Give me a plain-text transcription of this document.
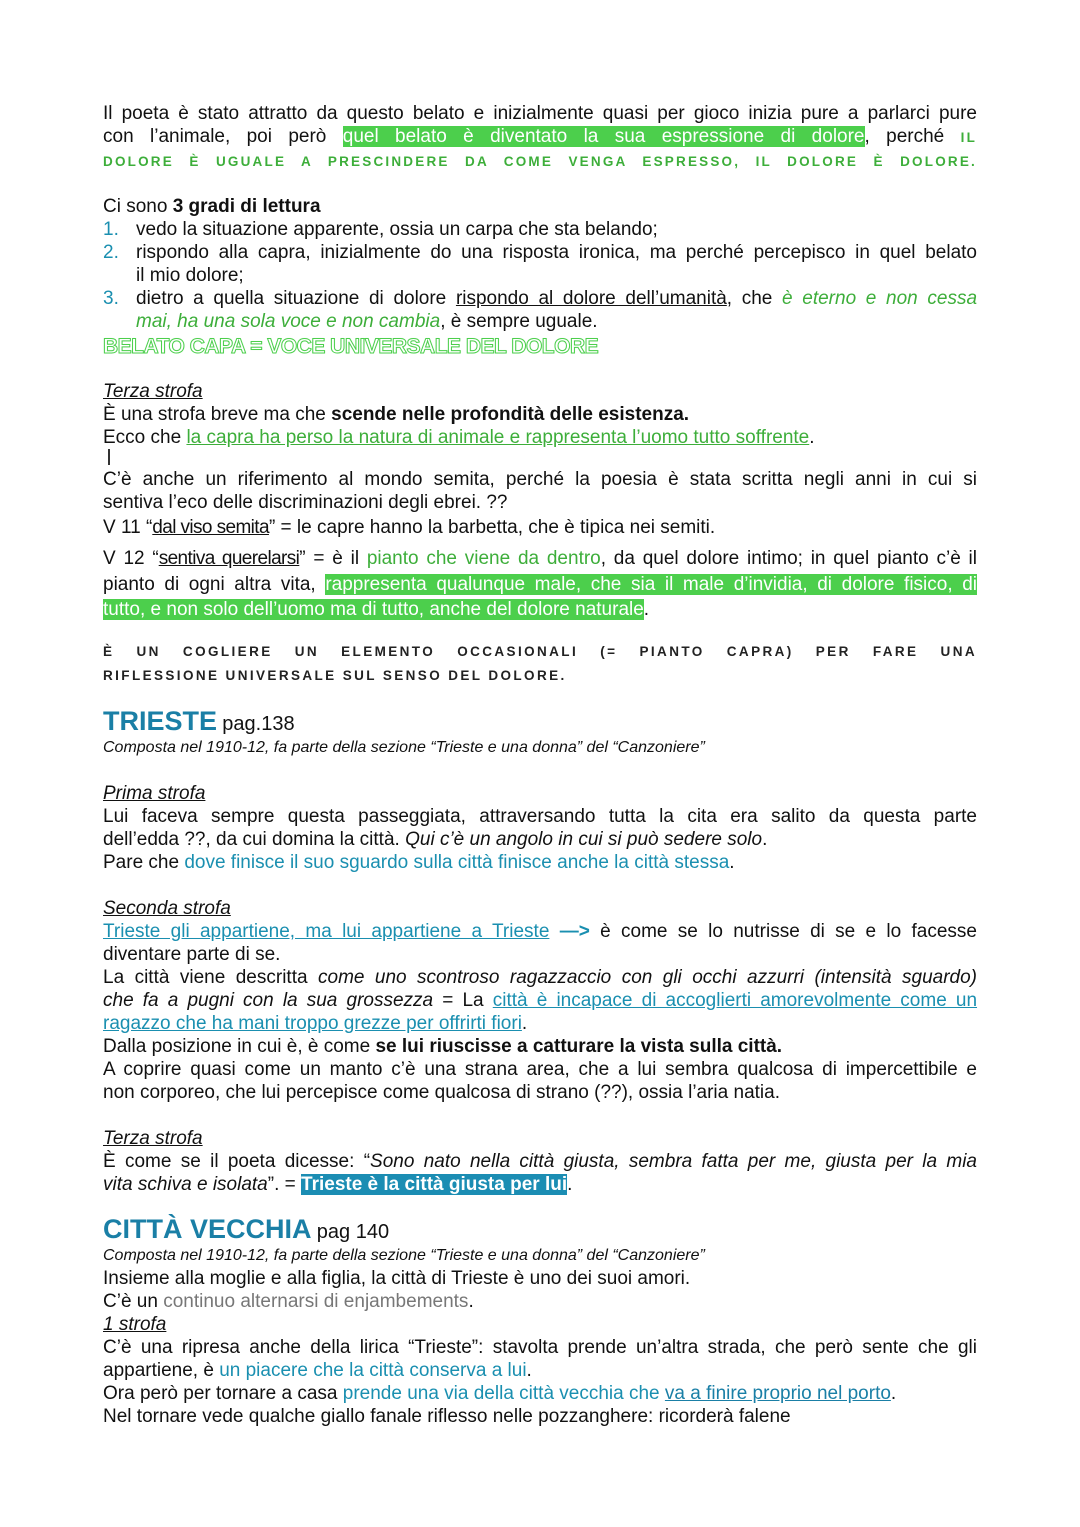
Il poeta è stato attratto da questo belato e inizialmente quasi per gioco inizia pure a parlarci pure

con l’animale, poi però quel belato è diventato la sua espressione di dolore, perché IL

DOLORE È UGUALE A PRESCINDERE DA COME VENGA ESPRESSO, IL DOLORE È DOLORE.

Ci sono 3 gradi di lettura

1. vedo la situazione apparente, ossia un carpa che sta belando;
2. rispondo alla capra, inizialmente do una risposta ironica, ma perché percepisco in quel belato

il mio dolore;

3. dietro a quella situazione di dolore rispondo al dolore dell’umanità, che è eterno e non cessa

mai, ha una sola voce e non cambia, è sempre uguale.

BELATO CAPA = VOCE UNIVERSALE DEL DOLORE

Terza strofa

È una strofa breve ma che scende nelle profondità delle esistenza.

Ecco che la capra ha perso la natura di animale e rappresenta l’uomo tutto soffrente.

C’è anche un riferimento al mondo semita, perché la poesia è stata scritta negli anni in cui si

sentiva l’eco delle discriminazioni degli ebrei. ??

V 11 “dal viso semita” = le capre hanno la barbetta, che è tipica nei semiti.

V 12 “sentiva querelarsi” = è il pianto che viene da dentro, da quel dolore intimo; in quel pianto c’è il

pianto di ogni altra vita, rappresenta qualunque male, che sia il male d’invidia, di dolore fisico, di

tutto, e non solo dell’uomo ma di tutto, anche del dolore naturale.

È UN COGLIERE UN ELEMENTO OCCASIONALI (= PIANTO CAPRA) PER FARE UNA

RIFLESSIONE UNIVERSALE SUL SENSO DEL DOLORE.

TRIESTE pag.138

Composta nel 1910-12, fa parte della sezione “Trieste e una donna” del “Canzoniere”

Prima strofa

Lui faceva sempre questa passeggiata, attraversando tutta la cita era salito da questa parte

dell’edda ??, da cui domina la città. Qui c’è un angolo in cui si può sedere solo.

Pare che dove finisce il suo sguardo sulla città finisce anche la città stessa.

Seconda strofa

Trieste gli appartiene, ma lui appartiene a Trieste —> è come se lo nutrisse di se e lo facesse

diventare parte di se.

La città viene descritta come uno scontroso ragazzaccio con gli occhi azzurri (intensità sguardo)

che fa a pugni con la sua grossezza = La città è incapace di accoglierti amorevolmente come un

ragazzo che ha mani troppo grezze per offrirti fiori.

Dalla posizione in cui è, è come se lui riuscisse a catturare la vista sulla città.

A coprire quasi come un manto c’è una strana area, che a lui sembra qualcosa di impercettibile e

non corporeo, che lui percepisce come qualcosa di strano (??), ossia l’aria natia.

Terza strofa

È come se il poeta dicesse: “Sono nato nella città giusta, sembra fatta per me, giusta per la mia

vita schiva e isolata”. = Trieste è la città giusta per lui.

CITTÀ VECCHIA pag 140

Composta nel 1910-12, fa parte della sezione “Trieste e una donna” del “Canzoniere”

Insieme alla moglie e alla figlia, la città di Trieste è uno dei suoi amori.

C’è un continuo alternarsi di enjambements.

1 strofa

C’è una ripresa anche della lirica “Trieste”: stavolta prende un’altra strada, che però sente che gli

appartiene, è un piacere che la città conserva a lui.

Ora però per tornare a casa prende una via della città vecchia che va a finire proprio nel porto.

Nel tornare vede qualche giallo fanale riflesso nelle pozzanghere: ricorderà falene
